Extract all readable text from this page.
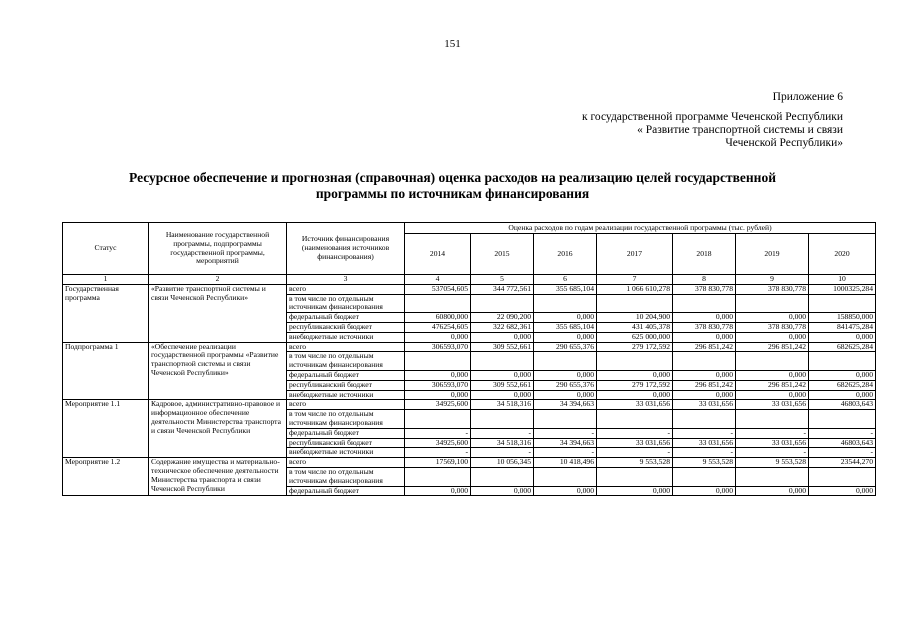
151
Приложение 6
к государственной программе Чеченской Республики
« Развитие транспортной системы и связи
Чеченской Республики»
Ресурсное обеспечение и прогнозная (справочная) оценка расходов на реализацию целей государственной
программы по источникам финансирования
Статус	Наименование государственной программы, подпрограммы государственной программы, мероприятий	Источник финансирования (наименования источников финансирования)	Оценка расходов по годам реализации государственной программы (тыс. рублей)						
			2014	2015	2016	2017	2018	2019	2020
1	2	3	4	5	6	7	8	9	10
Государственная программа	«Развитие транспортной системы и связи Чеченской Республики»	всего	537054,605	344 772,561	355 685,104	1 066 610,278	378 830,778	378 830,778	1000325,284
		в том числе по отдельным источникам финансирования							
		федеральный бюджет	60800,000	22 090,200	0,000	10 204,900	0,000	0,000	158850,000
		республиканский бюджет	476254,605	322 682,361	355 685,104	431 405,378	378 830,778	378 830,778	841475,284
		внебюджетные источники	0,000	0,000	0,000	625 000,000	0,000	0,000	0,000
Подпрограмма 1	«Обеспечение реализации государственной программы «Развитие транспортной системы и связи Чеченской Республики»	всего	306593,070	309 552,661	290 655,376	279 172,592	296 851,242	296 851,242	682625,284
		в том числе по отдельным источникам финансирования							
		федеральный бюджет	0,000	0,000	0,000	0,000	0,000	0,000	0,000
		республиканский бюджет	306593,070	309 552,661	290 655,376	279 172,592	296 851,242	296 851,242	682625,284
		внебюджетные источники	0,000	0,000	0,000	0,000	0,000	0,000	0,000
Мероприятие 1.1	Кадровое, административно-правовое и информационное обеспечение деятельности Министерства транспорта и связи Чеченской Республики	всего	34925,600	34 518,316	34 394,663	33 031,656	33 031,656	33 031,656	46803,643
		в том числе по отдельным источникам финансирования							
		федеральный бюджет	-	-	-	-	-	-	-
		республиканский бюджет	34925,600	34 518,316	34 394,663	33 031,656	33 031,656	33 031,656	46803,643
		внебюджетные источники	-	-	-	-	-	-	-
Мероприятие 1.2	Содержание имущества и материально-техническое обеспечение деятельности Министерства транспорта и связи Чеченской Республики	всего	17569,100	10 056,345	10 418,496	9 553,528	9 553,528	9 553,528	23544,270
		в том числе по отдельным источникам финансирования							
		федеральный бюджет	0,000	0,000	0,000	0,000	0,000	0,000	0,000
